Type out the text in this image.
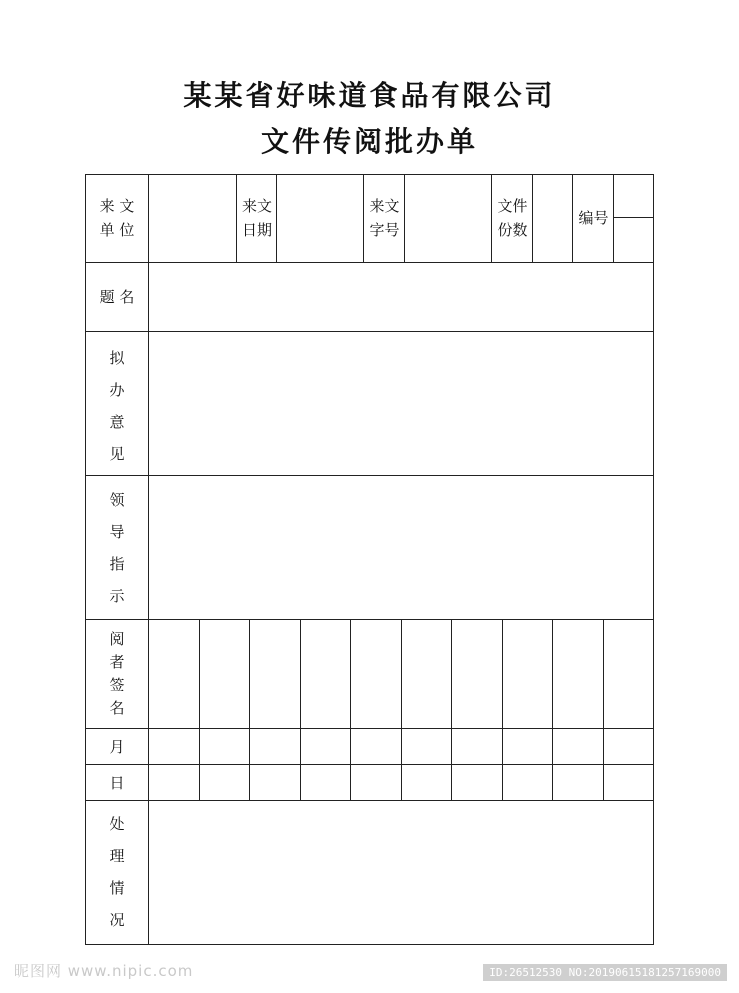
某某省好味道食品有限公司
文件传阅批办单
来 文
单 位
来文
日期
来文
字号
文件
份数
编号
题 名
拟
办
意
见
领
导
指
示
阅
者
签
名
月
日
处
理
情
况
昵图网 www.nipic.com	ID:26512530 NO:20190615181257169000
